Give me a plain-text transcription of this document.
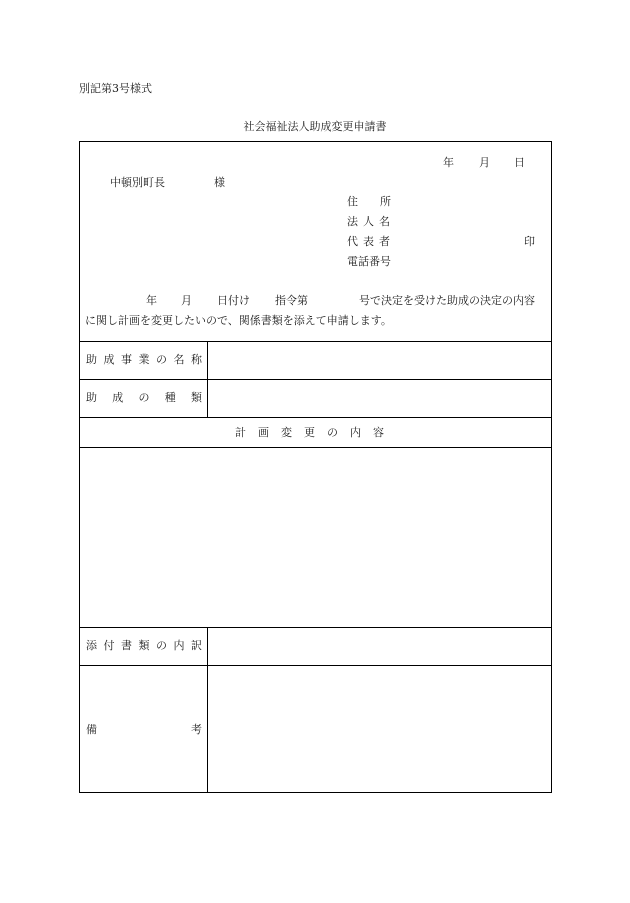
別記第3号様式
社会福祉法人助成変更申請書
年 月 日
中頓別町長	様
住所
法人名
代表者	印
電話番号
年 月 日付け 指令第	号で決定を受けた助成の決定の内容
に関し計画を変更したいので、関係書類を添えて申請します。
助成事業の名称
助成の種類
計画変更の内容
添付書類の内訳
備	考
